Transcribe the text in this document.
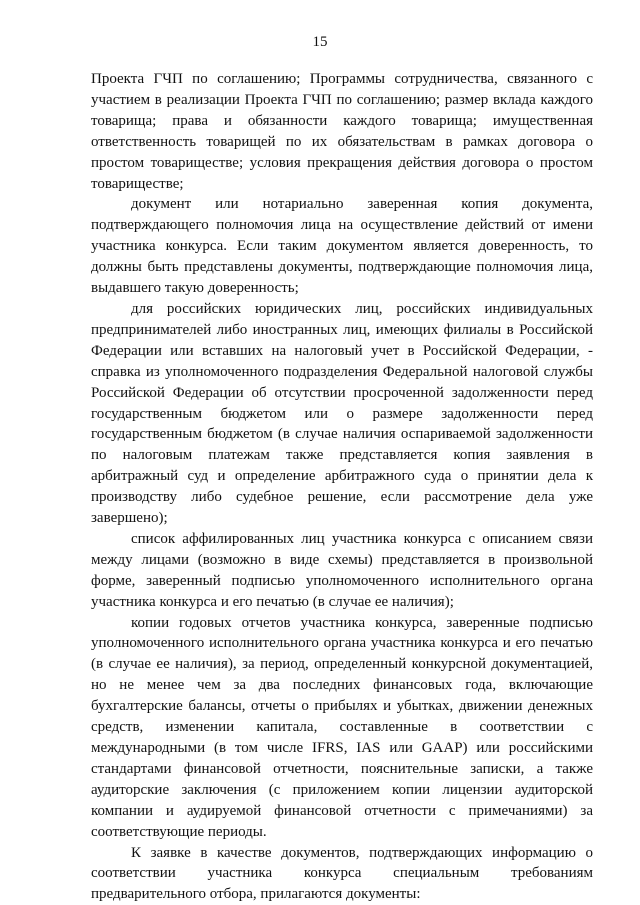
15

Проекта ГЧП по соглашению; Программы сотрудничества, связанного с участием в реализации Проекта ГЧП по соглашению; размер вклада каждого товарища; права и обязанности каждого товарища; имущественная ответственность товарищей по их обязательствам в рамках договора о простом товариществе; условия прекращения действия договора о простом товариществе;

документ или нотариально заверенная копия документа, подтверждающего полномочия лица на осуществление действий от имени участника конкурса. Если таким документом является доверенность, то должны быть представлены документы, подтверждающие полномочия лица, выдавшего такую доверенность;

для российских юридических лиц, российских индивидуальных предпринимателей либо иностранных лиц, имеющих филиалы в Российской Федерации или вставших на налоговый учет в Российской Федерации, - справка из уполномоченного подразделения Федеральной налоговой службы Российской Федерации об отсутствии просроченной задолженности перед государственным бюджетом или о размере задолженности перед государственным бюджетом (в случае наличия оспариваемой задолженности по налоговым платежам также представляется копия заявления в арбитражный суд и определение арбитражного суда о принятии дела к производству либо судебное решение, если рассмотрение дела уже завершено);

список аффилированных лиц участника конкурса с описанием связи между лицами (возможно в виде схемы) представляется в произвольной форме, заверенный подписью уполномоченного исполнительного органа участника конкурса и его печатью (в случае ее наличия);

копии годовых отчетов участника конкурса, заверенные подписью уполномоченного исполнительного органа участника конкурса и его печатью (в случае ее наличия), за период, определенный конкурсной документацией, но не менее чем за два последних финансовых года, включающие бухгалтерские балансы, отчеты о прибылях и убытках, движении денежных средств, изменении капитала, составленные в соответствии с международными (в том числе IFRS, IAS или GAAP) или российскими стандартами финансовой отчетности, пояснительные записки, а также аудиторские заключения (с приложением копии лицензии аудиторской компании и аудируемой финансовой отчетности с примечаниями) за соответствующие периоды.

К заявке в качестве документов, подтверждающих информацию о соответствии участника конкурса специальным требованиям предварительного отбора, прилагаются документы:
